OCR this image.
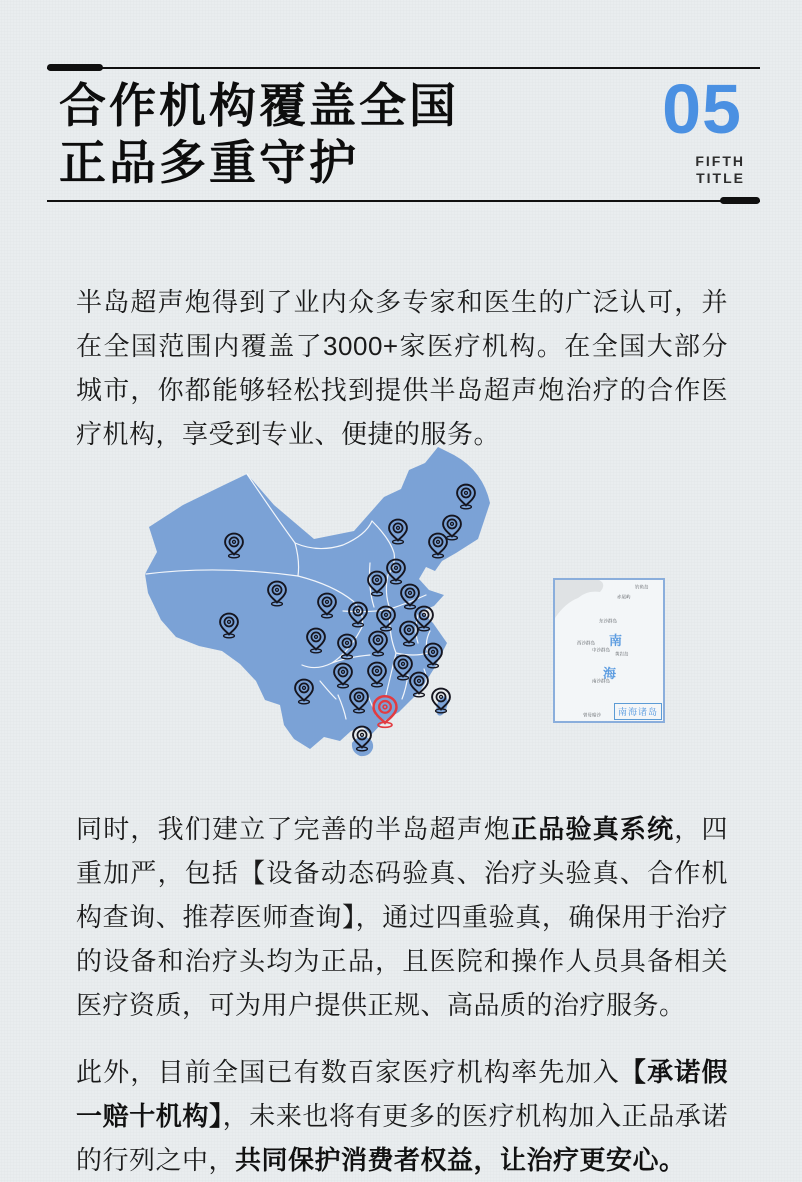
合作机构覆盖全国
正品多重守护
05
FIFTH
TITLE

半岛超声炮得到了业内众多专家和医生的广泛认可，并在全国范围内覆盖了3000+家医疗机构。在全国大部分城市，你都能够轻松找到提供半岛超声炮治疗的合作医疗机构，享受到专业、便捷的服务。

南
海
钓鱼岛
赤尾屿
东沙群岛
西沙群岛
中沙群岛
黄岩岛
南沙群岛
曾母暗沙	南海诸岛

同时，我们建立了完善的半岛超声炮正品验真系统，四重加严，包括【设备动态码验真、治疗头验真、合作机构查询、推荐医师查询】，通过四重验真，确保用于治疗的设备和治疗头均为正品，且医院和操作人员具备相关医疗资质，可为用户提供正规、高品质的治疗服务。

此外，目前全国已有数百家医疗机构率先加入【承诺假一赔十机构】，未来也将有更多的医疗机构加入正品承诺的行列之中，共同保护消费者权益，让治疗更安心。
